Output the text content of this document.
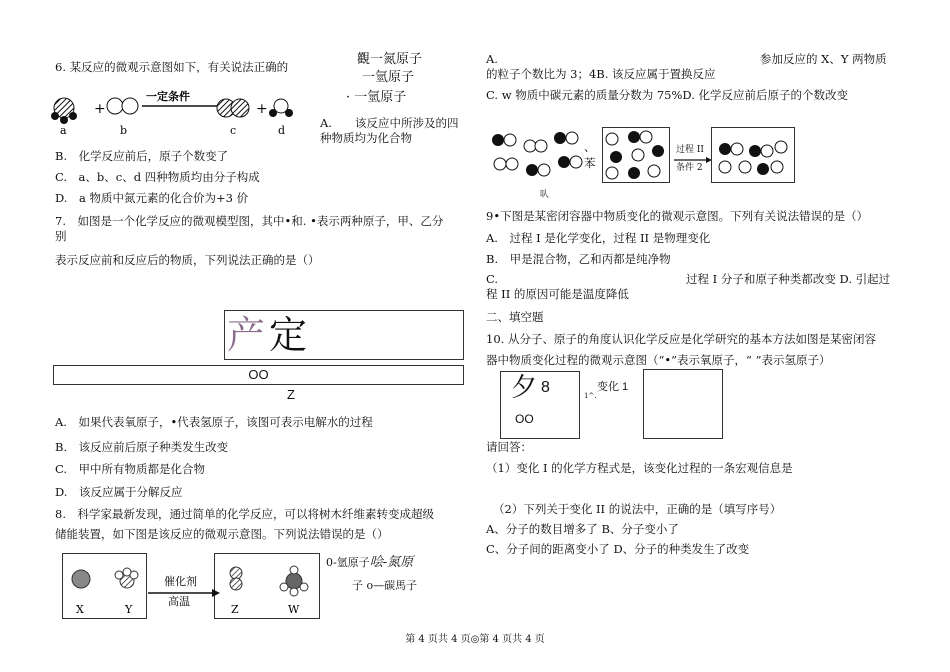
6. 某反应的微观示意图如下，有关说法正确的	觀一氮原子
一氫原子
· 一氫原子
+
一定条件
+
a	b	c	d
A.　　该反应中所涉及的四种物质均为化合物
B.　化学反应前后，原子个数变了
C.　a、b、c、d 四种物质均由分子构成
D.　a 物质中氮元素的化合价为+3 价
7.　如图是一个化学反应的微观模型图，其中•和. •表示两种原子，甲、乙分
别
表示反应前和反应后的物质，下列说法正确的是（）
产 定
OO
Z
A.　如果代表氧原子，•代表氢原子，该图可表示电解水的过程
B.　该反应前后原子种类发生改变
C.　甲中所有物质都是化合物
D.　该反应属于分解反应
8.　科学家最新发现，通过简单的化学反应，可以将树木纤维素转变成超级
储能装置，如下图是该反应的微观示意图。下列说法错误的是（）
催化剂
高温
X	Y	Z	W
0-氫原子哙-氮原
子 o—碳馬子
A.	参加反应的 X、Y 两物质
的粒子个数比为 3；4B. 该反应属于置换反应
C. w 物质中碳元素的质量分数为 75%D. 化学反应前后原子的个数改变
、
苯
㕥
过程 II
条件 2
9•下图是某密闭容器中物质变化的微观示意图。下列有关说法错误的是（）
A.　过程 I 是化学变化，过程 II 是物理变化
B.　甲是混合物，乙和丙都是纯净物
C.	过程 I 分子和原子种类都改变 D. 引起过
程 II 的原因可能是温度降低
二、填空题
10. 从分子、原子的角度认识化学反应是化学研究的基本方法如图是某密闭容
器中物质变化过程的微观示意图（“•”表示氧原子，“ ”表示氢原子）
夕 8
OO
1^.
变化 1
请回答：
（1）变化 I 的化学方程式是，该变化过程的一条宏观信息是
（2）下列关于变化 II 的说法中，正确的是（填写序号）
A、分子的数目增多了 B、分子变小了
C、分子间的距离变小了 D、分子的种类发生了改变
第 4 页共 4 页◎第 4 页共 4 页
